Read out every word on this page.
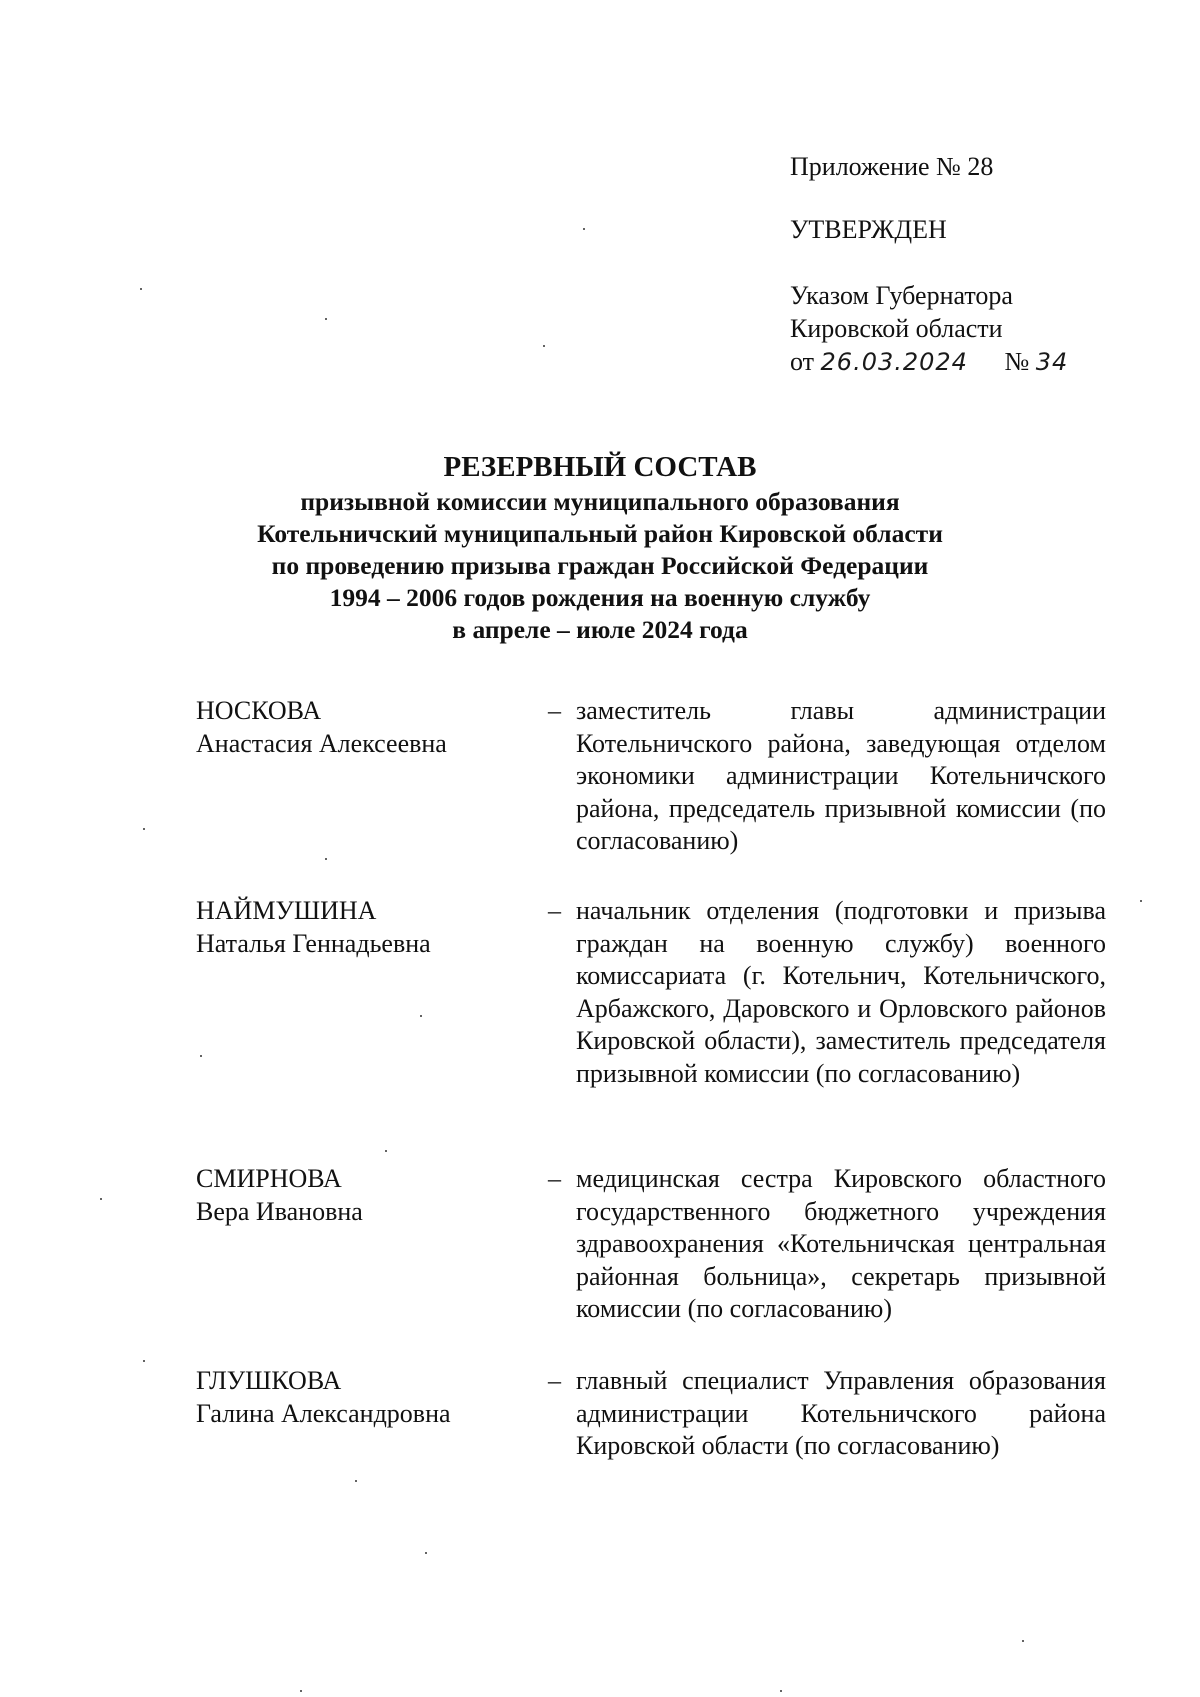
Приложение № 28
УТВЕРЖДЕН
Указом Губернатора
Кировской области
от 26.03.2024 № 34
РЕЗЕРВНЫЙ СОСТАВ
призывной комиссии муниципального образования
Котельничский муниципальный район Кировской области
по проведению призыва граждан Российской Федерации
1994 – 2006 годов рождения на военную службу
в апреле – июле 2024 года
НОСКОВА
Анастасия Алексеевна
– заместитель главы администрации Котельничского района, заведующая отделом экономики администрации Котельничского района, председатель призывной комиссии (по согласованию)
НАЙМУШИНА
Наталья Геннадьевна
– начальник отделения (подготовки и призыва граждан на военную службу) военного комиссариата (г. Котельнич, Котельничского, Арбажского, Даровского и Орловского районов Кировской области), заместитель председателя призывной комиссии (по согласованию)
СМИРНОВА
Вера Ивановна
– медицинская сестра Кировского областного государственного бюджетного учреждения здравоохранения «Котельничская центральная районная больница», секретарь призывной комиссии (по согласованию)
ГЛУШКОВА
Галина Александровна
– главный специалист Управления образования администрации Котельничского района Кировской области (по согласованию)
